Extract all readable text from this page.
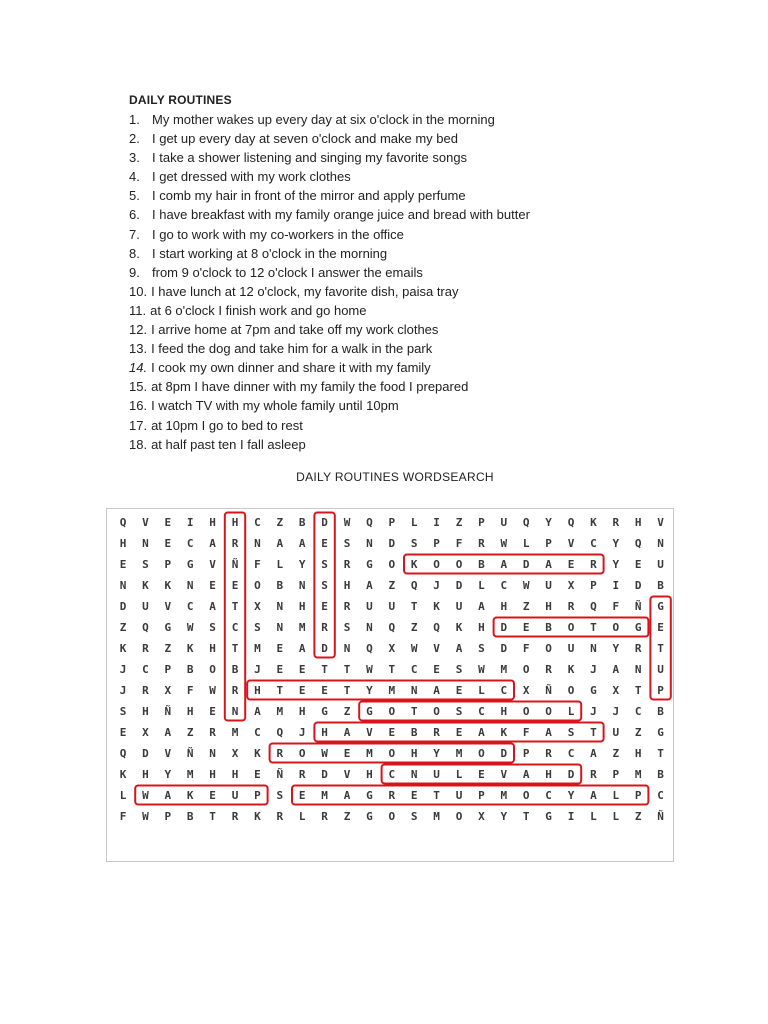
DAILY ROUTINES
1. My mother wakes up every day at six o'clock in the morning
2. I get up every day at seven o'clock and make my bed
3. I take a shower listening and singing my favorite songs
4. I get dressed with my work clothes
5. I comb my hair in front of the mirror and apply perfume
6. I have breakfast with my family orange juice and bread with butter
7. I go to work with my co-workers in the office
8. I start working at 8 o'clock in the morning
9. from 9 o'clock to 12 o'clock I answer the emails
10. I have lunch at 12 o'clock, my favorite dish, paisa tray
11. at 6 o'clock I finish work and go home
12. I arrive home at 7pm and take off my work clothes
13. I feed the dog and take him for a walk in the park
14. I cook my own dinner and share it with my family
15. at 8pm I have dinner with my family the food I prepared
16. I watch TV with my whole family until 10pm
17. at 10pm I go to bed to rest
18. at half past ten I fall asleep
DAILY ROUTINES WORDSEARCH
Q V E I H H C Z B D W Q P L I Z P U Q Y Q K R H V
H N E C A R N A A E S N D S P F R W L P V C Y Q N
E S P G V Ñ F L Y S R G O K O O B A D A E R Y E U
N K K N E E O B N S H A Z Q J D L C W U X P I D B
D U V C A T X N H E R U U T K U A H Z H R Q F Ñ G
Z Q G W S C S N M R S N Q Z Q K H D E B O T O G E
K R Z K H T M E A D N Q X W V A S D F O U N Y R T
J C P B O B J E E T T W T C E S W M O R K J A N U
J R X F W R H T E E T Y M N A E L C X Ñ O G X T P
S H Ñ H E N A M H G Z G O T O S C H O O L J J C B
E X A Z R M C Q J H A V E B R E A K F A S T U Z G
Q D V Ñ N X K R O W E M O H Y M O D P R C A Z H T
K H Y M H H E Ñ R D V H C N U L E V A H D R P M B
L W A K E U P S E M A G R E T U P M O C Y A L P C
F W P B T R K R L R Z G O S M O X Y T G I L L Z Ñ
